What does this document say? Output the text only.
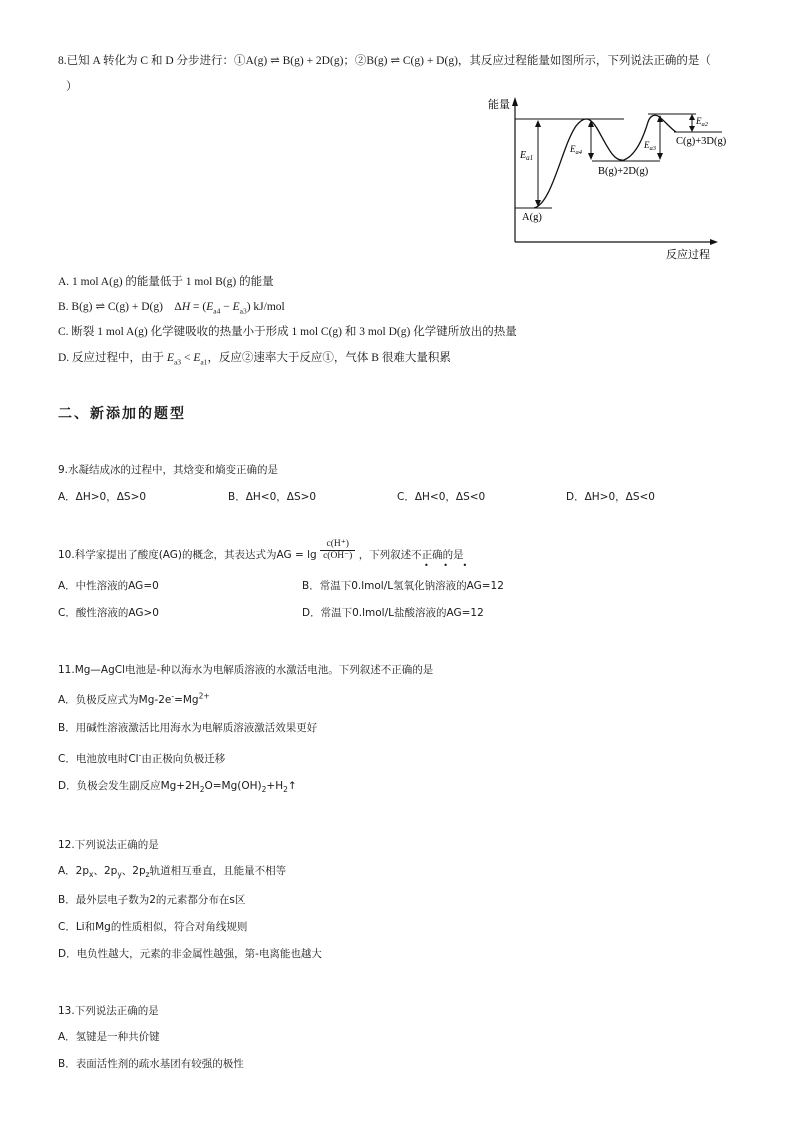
8.已知 A 转化为 C 和 D 分步进行：①A(g) ⇌ B(g) + 2D(g)；②B(g) ⇌ C(g) + D(g)，其反应过程能量如图所示，下列说法正确的是（
）
能量
反应过程
$E_{a1}$
$E_{a4}$
$E_{a3}$
$E_{a2}$
A(g)
B(g)+2D(g)
C(g)+3D(g)
A. 1 mol A(g) 的能量低于 1 mol B(g) 的能量
B. B(g) ⇌ C(g) + D(g)　$\Delta H = (E_{a4} - E_{a3})$ kJ/mol
C. 断裂 1 mol A(g) 化学键吸收的热量小于形成 1 mol C(g) 和 3 mol D(g) 化学键所放出的热量
D. 反应过程中，由于 $E_{a3} < E_{a1}$，反应②速率大于反应①，气体 B 很难大量积累
二、新添加的题型
9.水凝结成冰的过程中，其焓变和熵变正确的是
A．ΔH>0，ΔS>0	B．ΔH<0，ΔS>0	C．ΔH<0，ΔS<0	D．ΔH>0，ΔS<0
10.科学家提出了酸度(AG)的概念，其表达式为AG = $\lg \frac{c(H^+)}{c(OH^-)}$ ，下列叙述不正确的是
• • •
A．中性溶液的AG=0	B．常温下0.lmol/L氢氧化钠溶液的AG=12
C．酸性溶液的AG>0	D．常温下0.lmol/L盐酸溶液的AG=12
11.Mg—AgCl电池是-种以海水为电解质溶液的水激活电池。下列叙述不正确的是
A．负极反应式为$Mg-2e^-=Mg^{2+}$
B．用碱性溶液激活比用海水为电解质溶液激活效果更好
C．电池放电时Cl-由正极向负极迁移
D．负极会发生副反应$Mg+2H_2O=Mg(OH)_2+H_2↑$
12.下列说法正确的是
A．$2p_x$、$2p_y$、$2p_z$轨道相互垂直，且能量不相等
B．最外层电子数为2的元素都分布在s区
C．Li和Mg的性质相似，符合对角线规则
D．电负性越大，元素的非金属性越强，第-电离能也越大
13.下列说法正确的是
A．氢键是一种共价键
B．表面活性剂的疏水基团有较强的极性
